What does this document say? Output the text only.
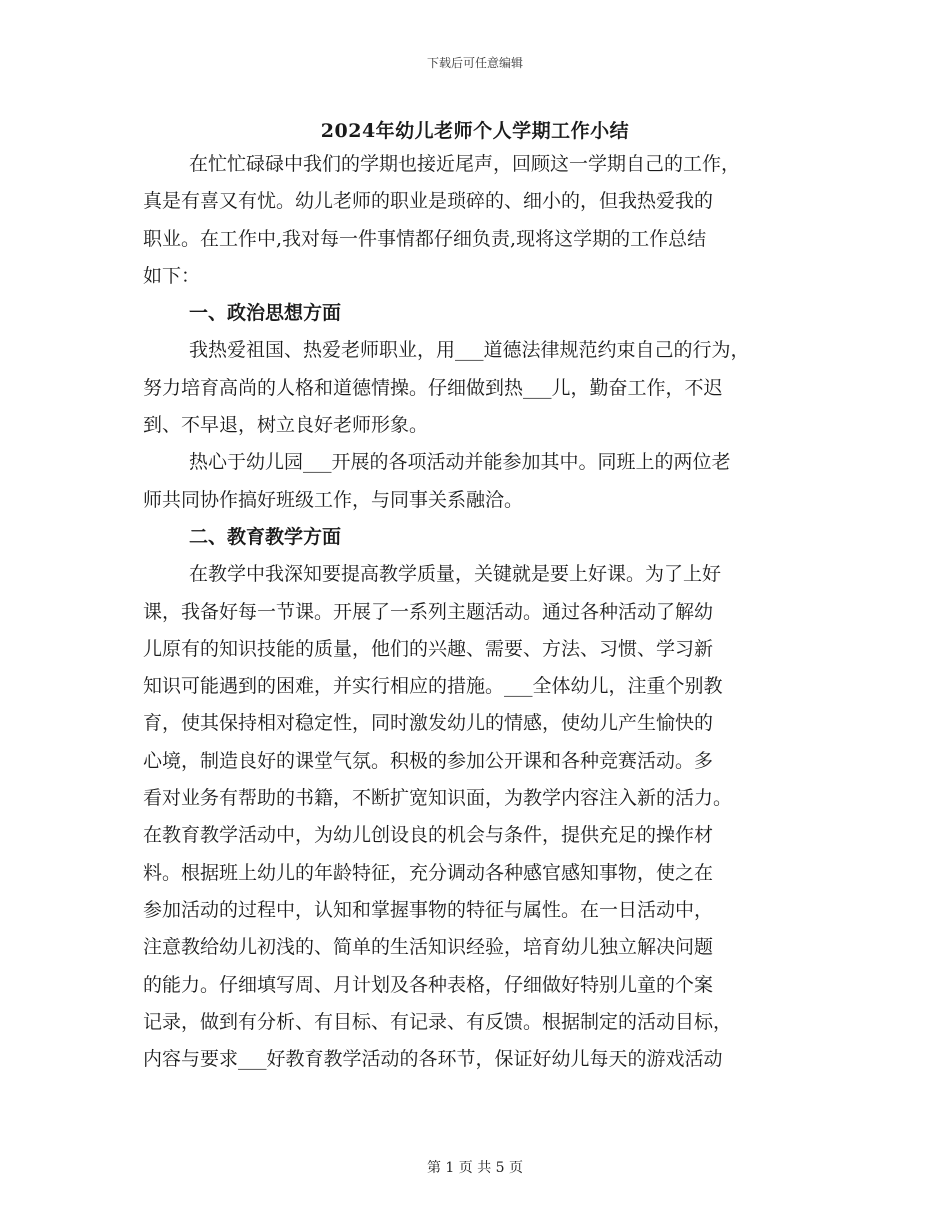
下载后可任意编辑
2024年幼儿老师个人学期工作小结
在忙忙碌碌中我们的学期也接近尾声，回顾这一学期自己的工作，
真是有喜又有忧。幼儿老师的职业是琐碎的、细小的，但我热爱我的
职业。在工作中,我对每一件事情都仔细负责,现将这学期的工作总结
如下：
一、政治思想方面
我热爱祖国、热爱老师职业，用___道德法律规范约束自己的行为，
努力培育高尚的人格和道德情操。仔细做到热___儿，勤奋工作，不迟
到、不早退，树立良好老师形象。
热心于幼儿园___开展的各项活动并能参加其中。同班上的两位老
师共同协作搞好班级工作，与同事关系融洽。
二、教育教学方面
在教学中我深知要提高教学质量，关键就是要上好课。为了上好
课，我备好每一节课。开展了一系列主题活动。通过各种活动了解幼
儿原有的知识技能的质量，他们的兴趣、需要、方法、习惯、学习新
知识可能遇到的困难，并实行相应的措施。___全体幼儿，注重个别教
育，使其保持相对稳定性，同时激发幼儿的情感，使幼儿产生愉快的
心境，制造良好的课堂气氛。积极的参加公开课和各种竞赛活动。多
看对业务有帮助的书籍，不断扩宽知识面，为教学内容注入新的活力。
在教育教学活动中，为幼儿创设良的机会与条件，提供充足的操作材
料。根据班上幼儿的年龄特征，充分调动各种感官感知事物，使之在
参加活动的过程中，认知和掌握事物的特征与属性。在一日活动中，
注意教给幼儿初浅的、简单的生活知识经验，培育幼儿独立解决问题
的能力。仔细填写周、月计划及各种表格，仔细做好特别儿童的个案
记录，做到有分析、有目标、有记录、有反馈。根据制定的活动目标，
内容与要求___好教育教学活动的各环节，保证好幼儿每天的游戏活动
第 1 页 共 5 页
